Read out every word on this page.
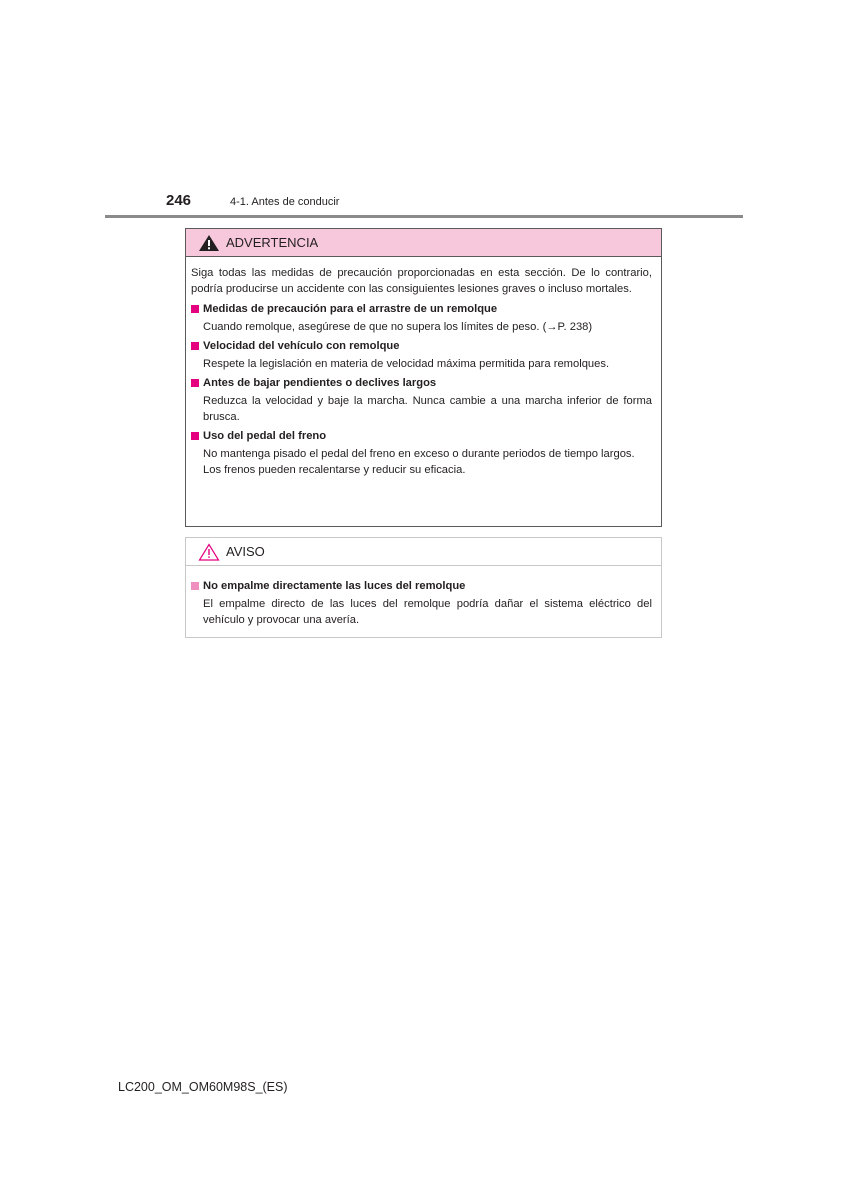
246	4-1. Antes de conducir
ADVERTENCIA

Siga todas las medidas de precaución proporcionadas en esta sección. De lo contrario, podría producirse un accidente con las consiguientes lesiones graves o incluso mortales.

Medidas de precaución para el arrastre de un remolque

Cuando remolque, asegúrese de que no supera los límites de peso. (→P. 238)

Velocidad del vehículo con remolque

Respete la legislación en materia de velocidad máxima permitida para remolques.

Antes de bajar pendientes o declives largos

Reduzca la velocidad y baje la marcha. Nunca cambie a una marcha inferior de forma brusca.

Uso del pedal del freno

No mantenga pisado el pedal del freno en exceso o durante periodos de tiempo largos.

Los frenos pueden recalentarse y reducir su eficacia.

AVISO
No empalme directamente las luces del remolque

El empalme directo de las luces del remolque podría dañar el sistema eléctrico del vehículo y provocar una avería.

LC200_OM_OM60M98S_(ES)
